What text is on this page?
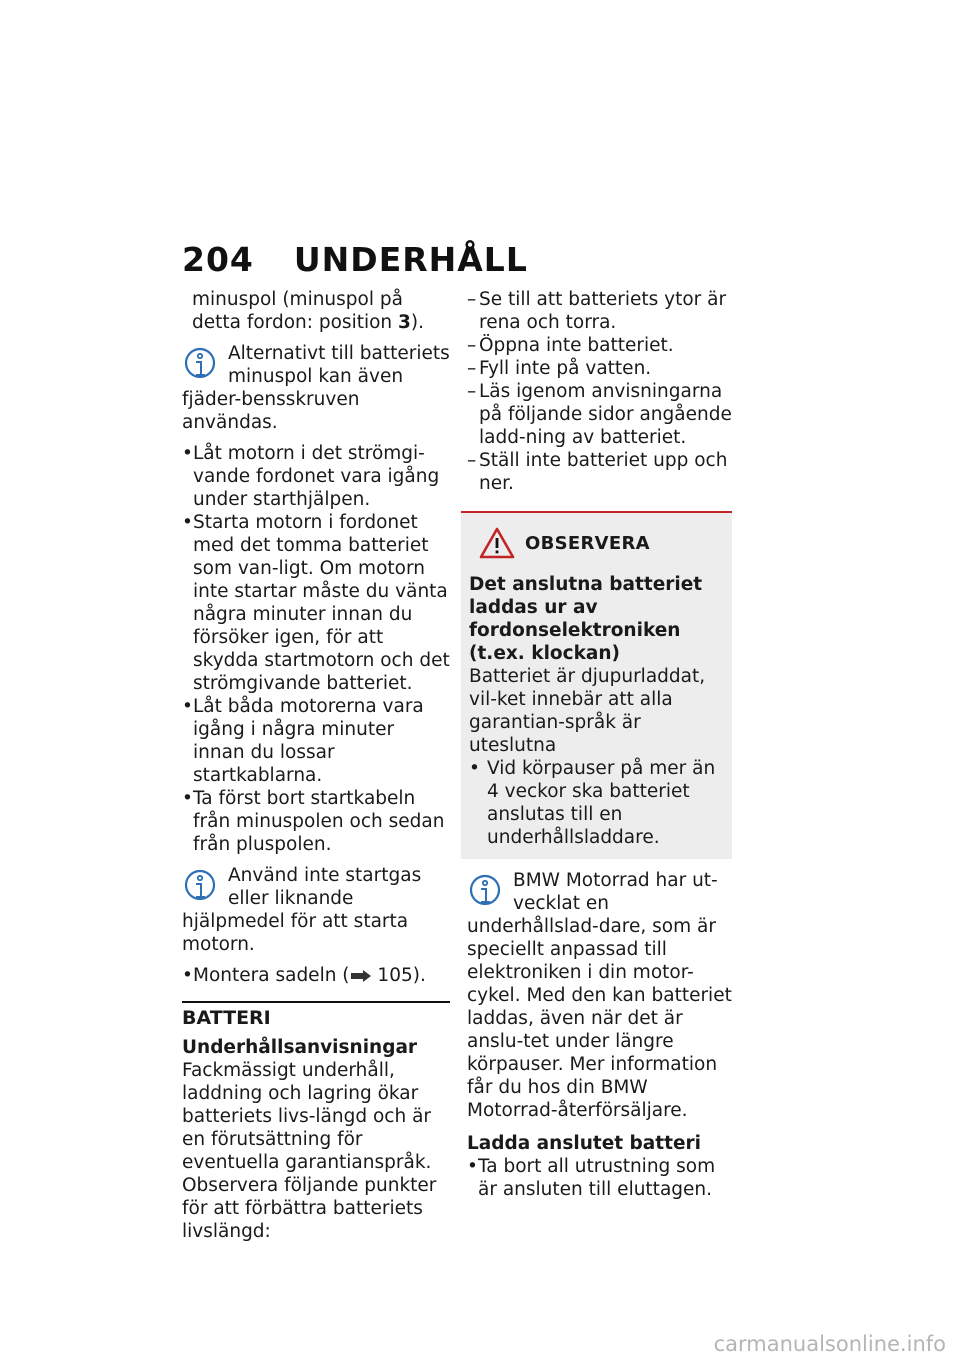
204 UNDERHÅLL

minuspol (minuspol på detta fordon: position 3).

Alternativt till batteriets minuspol kan även fjäder-bensskruven användas.
• Låt motorn i det strömgi-vande fordonet vara igång under starthjälpen.
• Starta motorn i fordonet med det tomma batteriet som van-ligt. Om motorn inte startar måste du vänta några minuter innan du försöker igen, för att skydda startmotorn och det strömgivande batteriet.
• Låt båda motorerna vara igång i några minuter innan du lossar startkablarna.
• Ta först bort startkabeln från minuspolen och sedan från pluspolen.
Använd inte startgas eller liknande hjälpmedel för att starta motorn.
• Montera sadeln ( 105).
BATTERI

Underhållsanvisningar

Fackmässigt underhåll, laddning och lagring ökar batteriets livs-längd och är en förutsättning för eventuella garantianspråk. Observera följande punkter för att förbättra batteriets livslängd:

– Se till att batteriets ytor är rena och torra.
– Öppna inte batteriet.
– Fyll inte på vatten.
– Läs igenom anvisningarna på följande sidor angående ladd-ning av batteriet.
– Ställ inte batteriet upp och ner.
OBSERVERA

Det anslutna batteriet laddas ur av fordonselektroniken (t.ex. klockan)

Batteriet är djupurladdat, vil-ket innebär att alla garantian-språk är uteslutna

• Vid körpauser på mer än 4 veckor ska batteriet anslutas till en underhållsladdare.
BMW Motorrad har ut-vecklat en underhållslad-dare, som är speciellt anpassad till elektroniken i din motor-cykel. Med den kan batteriet laddas, även när det är anslu-tet under längre körpauser. Mer information får du hos din BMW Motorrad-återförsäljare.

Ladda anslutet batteri

• Ta bort all utrustning som är ansluten till eluttagen.
carmanualsonline.info
